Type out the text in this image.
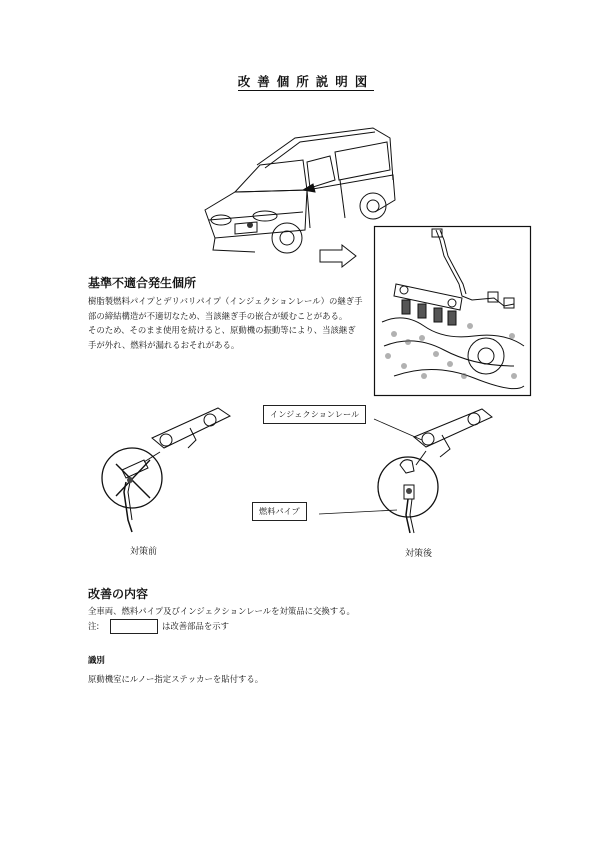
改善個所説明図
基準不適合発生個所
樹脂製燃料パイプとデリバリパイプ（インジェクションレール）の継ぎ手
部の締結構造が不適切なため、当該継ぎ手の嵌合が緩むことがある。
そのため、そのまま使用を続けると、原動機の振動等により、当該継ぎ
手が外れ、燃料が漏れるおそれがある。
インジェクションレール
燃料パイプ
対策前	対策後
改善の内容
全車両、燃料パイプ及びインジェクションレールを対策品に交換する。
注:	は改善部品を示す
識別
原動機室にルノー指定ステッカーを貼付する。
